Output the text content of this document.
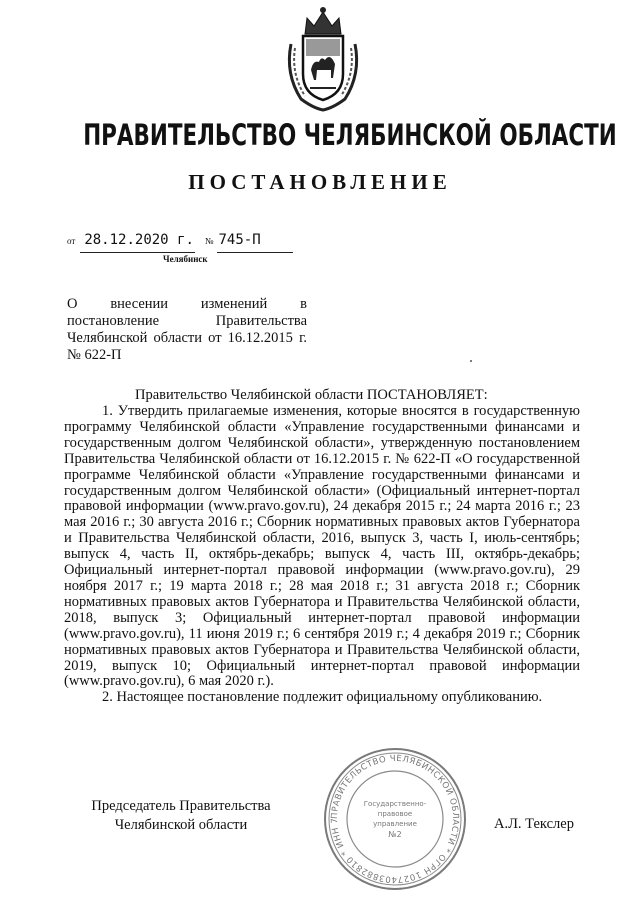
ПРАВИТЕЛЬСТВО ЧЕЛЯБИНСКОЙ ОБЛАСТИ
ПОСТАНОВЛЕНИЕ
от 28.12.2020 г. № 745-П
Челябинск
О внесении изменений в постановление Правительства Челябинской области от 16.12.2015 г. № 622-П
Правительство Челябинской области ПОСТАНОВЛЯЕТ:

1. Утвердить прилагаемые изменения, которые вносятся в государственную программу Челябинской области «Управление государственными финансами и государственным долгом Челябинской области», утвержденную постановлением Правительства Челябинской области от 16.12.2015 г. № 622-П «О государственной программе Челябинской области «Управление государственными финансами и государственным долгом Челябинской области» (Официальный интернет-портал правовой информации (www.pravo.gov.ru), 24 декабря 2015 г.; 24 марта 2016 г.; 23 мая 2016 г.; 30 августа 2016 г.; Сборник нормативных правовых актов Губернатора и Правительства Челябинской области, 2016, выпуск 3, часть I, июль-сентябрь; выпуск 4, часть II, октябрь-декабрь; выпуск 4, часть III, октябрь-декабрь; Официальный интернет-портал правовой информации (www.pravo.gov.ru), 29 ноября 2017 г.; 19 марта 2018 г.; 28 мая 2018 г.; 31 августа 2018 г.; Сборник нормативных правовых актов Губернатора и Правительства Челябинской области, 2018, выпуск 3; Официальный интернет-портал правовой информации (www.pravo.gov.ru), 11 июня 2019 г.; 6 сентября 2019 г.; 4 декабря 2019 г.; Сборник нормативных правовых актов Губернатора и Правительства Челябинской области, 2019, выпуск 10; Официальный интернет-портал правовой информации (www.pravo.gov.ru), 6 мая 2020 г.).

2. Настоящее постановление подлежит официальному опубликованию.

ПРАВИТЕЛЬСТВО ЧЕЛЯБИНСКОЙ ОБЛАСТИ * ОГРН 1027403882810 * ИНН 7
Государственно-
правовое
управление
№2
Председатель Правительства Челябинской области	А.Л. Текслер
